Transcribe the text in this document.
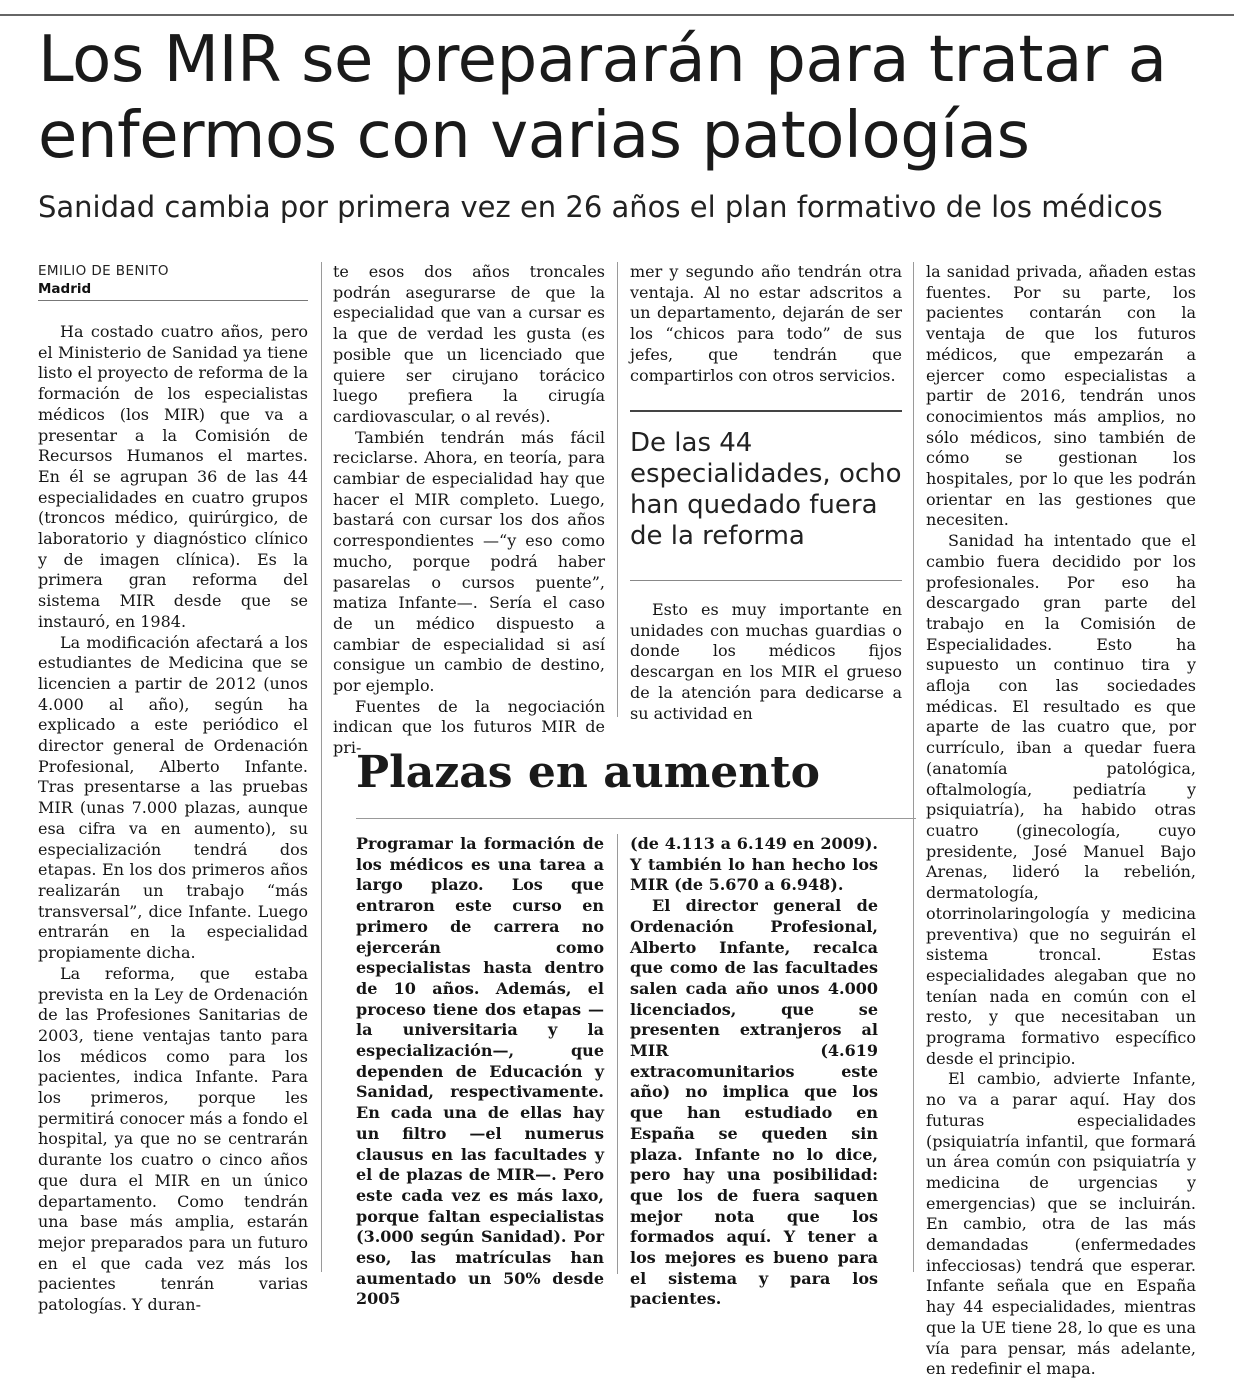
Los MIR se prepararán para tratar a enfermos con varias patologías
Sanidad cambia por primera vez en 26 años el plan formativo de los médicos
EMILIO DE BENITO
Madrid

Ha costado cuatro años, pero el Ministerio de Sanidad ya tiene listo el proyecto de reforma de la formación de los especialistas médicos (los MIR) que va a presentar a la Comisión de Recursos Humanos el martes. En él se agrupan 36 de las 44 especialidades en cuatro grupos (troncos médico, quirúrgico, de laboratorio y diagnóstico clínico y de imagen clínica). Es la primera gran reforma del sistema MIR desde que se instauró, en 1984.

La modificación afectará a los estudiantes de Medicina que se licencien a partir de 2012 (unos 4.000 al año), según ha explicado a este periódico el director general de Ordenación Profesional, Alberto Infante. Tras presentarse a las pruebas MIR (unas 7.000 plazas, aunque esa cifra va en aumento), su especialización tendrá dos etapas. En los dos primeros años realizarán un trabajo “más transversal”, dice Infante. Luego entrarán en la especialidad propiamente dicha.

La reforma, que estaba prevista en la Ley de Ordenación de las Profesiones Sanitarias de 2003, tiene ventajas tanto para los médicos como para los pacientes, indica Infante. Para los primeros, porque les permitirá conocer más a fondo el hospital, ya que no se centrarán durante los cuatro o cinco años que dura el MIR en un único departamento. Como tendrán una base más amplia, estarán mejor preparados para un futuro en el que cada vez más los pacientes tenrán varias patologías. Y duran-

te esos dos años troncales podrán asegurarse de que la especialidad que van a cursar es la que de verdad les gusta (es posible que un licenciado que quiere ser cirujano torácico luego prefiera la cirugía cardiovascular, o al revés).

También tendrán más fácil reciclarse. Ahora, en teoría, para cambiar de especialidad hay que hacer el MIR completo. Luego, bastará con cursar los dos años correspondientes —“y eso como mucho, porque podrá haber pasarelas o cursos puente”, matiza Infante—. Sería el caso de un médico dispuesto a cambiar de especialidad si así consigue un cambio de destino, por ejemplo.

Fuentes de la negociación indican que los futuros MIR de pri-

mer y segundo año tendrán otra ventaja. Al no estar adscritos a un departamento, dejarán de ser los “chicos para todo” de sus jefes, que tendrán que compartirlos con otros servicios.

De las 44 especialidades, ocho han quedado fuera de la reforma

Esto es muy importante en unidades con muchas guardias o donde los médicos fijos descargan en los MIR el grueso de la atención para dedicarse a su actividad en

la sanidad privada, añaden estas fuentes. Por su parte, los pacientes contarán con la ventaja de que los futuros médicos, que empezarán a ejercer como especialistas a partir de 2016, tendrán unos conocimientos más amplios, no sólo médicos, sino también de cómo se gestionan los hospitales, por lo que les podrán orientar en las gestiones que necesiten.

Sanidad ha intentado que el cambio fuera decidido por los profesionales. Por eso ha descargado gran parte del trabajo en la Comisión de Especialidades. Esto ha supuesto un continuo tira y afloja con las sociedades médicas. El resultado es que aparte de las cuatro que, por currículo, iban a quedar fuera (anatomía patológica, oftalmología, pediatría y psiquiatría), ha habido otras cuatro (ginecología, cuyo presidente, José Manuel Bajo Arenas, lideró la rebelión, dermatología, otorrinolaringología y medicina preventiva) que no seguirán el sistema troncal. Estas especialidades alegaban que no tenían nada en común con el resto, y que necesitaban un programa formativo específico desde el principio.

El cambio, advierte Infante, no va a parar aquí. Hay dos futuras especialidades (psiquiatría infantil, que formará un área común con psiquiatría y medicina de urgencias y emergencias) que se incluirán. En cambio, otra de las más demandadas (enfermedades infecciosas) tendrá que esperar. Infante señala que en España hay 44 especialidades, mientras que la UE tiene 28, lo que es una vía para pensar, más adelante, en redefinir el mapa.

Plazas en aumento

Programar la formación de los médicos es una tarea a largo plazo. Los que entraron este curso en primero de carrera no ejercerán como especialistas hasta dentro de 10 años. Además, el proceso tiene dos etapas —la universitaria y la especialización—, que dependen de Educación y Sanidad, respectivamente. En cada una de ellas hay un filtro —el numerus clausus en las facultades y el de plazas de MIR—. Pero este cada vez es más laxo, porque faltan especialistas (3.000 según Sanidad). Por eso, las matrículas han aumentado un 50% desde 2005

(de 4.113 a 6.149 en 2009). Y también lo han hecho los MIR (de 5.670 a 6.948).

El director general de Ordenación Profesional, Alberto Infante, recalca que como de las facultades salen cada año unos 4.000 licenciados, que se presenten extranjeros al MIR (4.619 extracomunitarios este año) no implica que los que han estudiado en España se queden sin plaza. Infante no lo dice, pero hay una posibilidad: que los de fuera saquen mejor nota que los formados aquí. Y tener a los mejores es bueno para el sistema y para los pacientes.
